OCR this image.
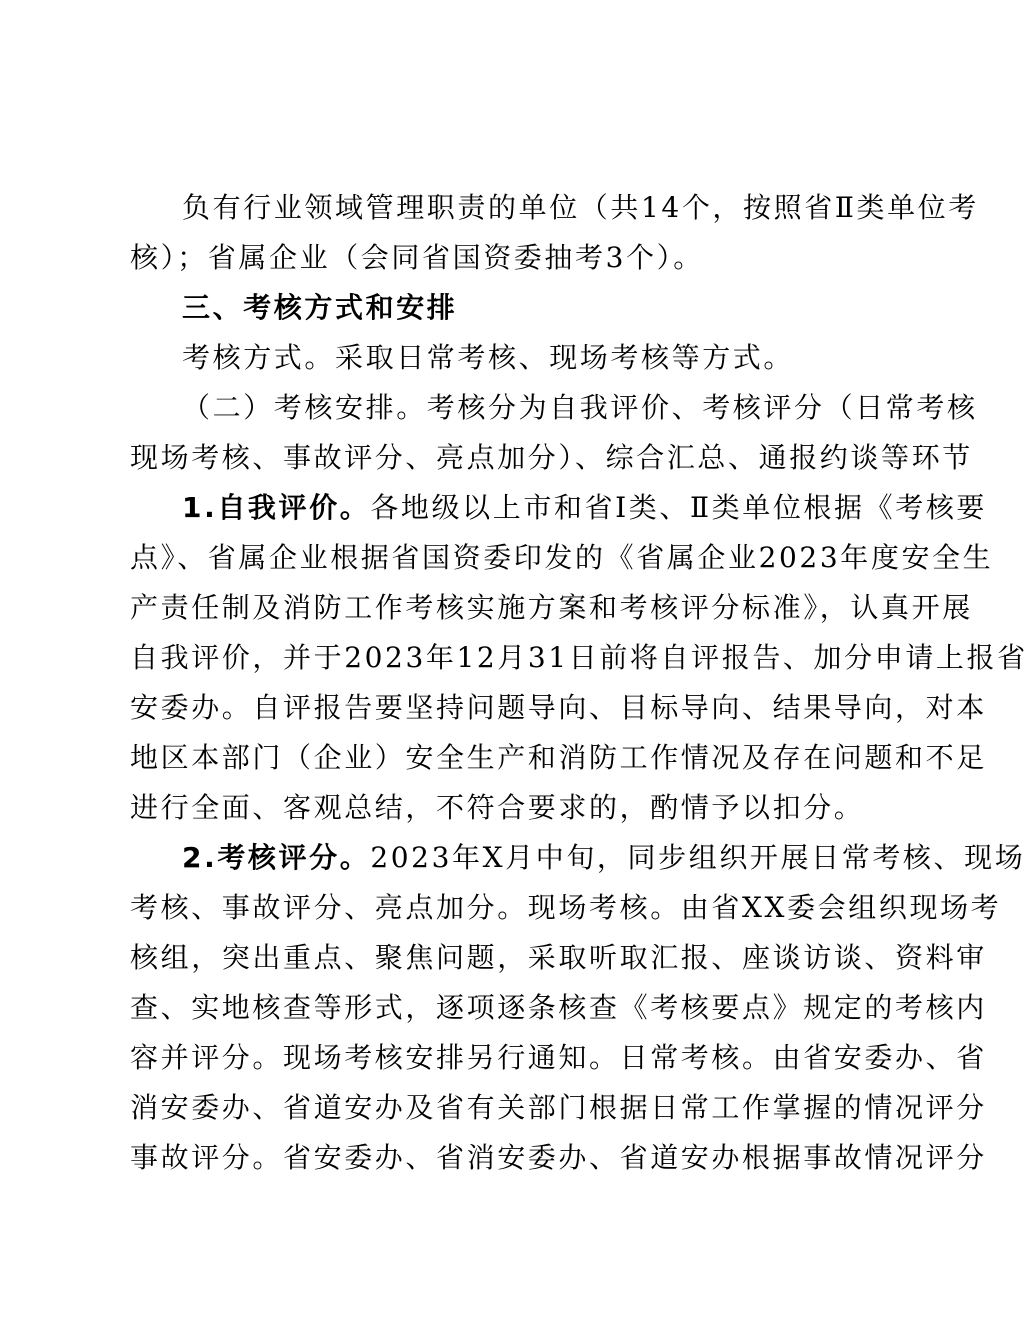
负有行业领域管理职责的单位（共14个，按照省Ⅱ类单位考
核）；省属企业（会同省国资委抽考3个）。
三、考核方式和安排
考核方式。采取日常考核、现场考核等方式。
（二）考核安排。考核分为自我评价、考核评分（日常考核
现场考核、事故评分、亮点加分）、综合汇总、通报约谈等环节
1.自我评价。各地级以上市和省I类、Ⅱ类单位根据《考核要
点》、省属企业根据省国资委印发的《省属企业2023年度安全生
产责任制及消防工作考核实施方案和考核评分标准》，认真开展
自我评价，并于2023年12月31日前将自评报告、加分申请上报省
安委办。自评报告要坚持问题导向、目标导向、结果导向，对本
地区本部门（企业）安全生产和消防工作情况及存在问题和不足
进行全面、客观总结，不符合要求的，酌情予以扣分。
2.考核评分。2023年X月中旬，同步组织开展日常考核、现场
考核、事故评分、亮点加分。现场考核。由省XX委会组织现场考
核组，突出重点、聚焦问题，采取听取汇报、座谈访谈、资料审
查、实地核查等形式，逐项逐条核查《考核要点》规定的考核内
容并评分。现场考核安排另行通知。日常考核。由省安委办、省
消安委办、省道安办及省有关部门根据日常工作掌握的情况评分
事故评分。省安委办、省消安委办、省道安办根据事故情况评分
